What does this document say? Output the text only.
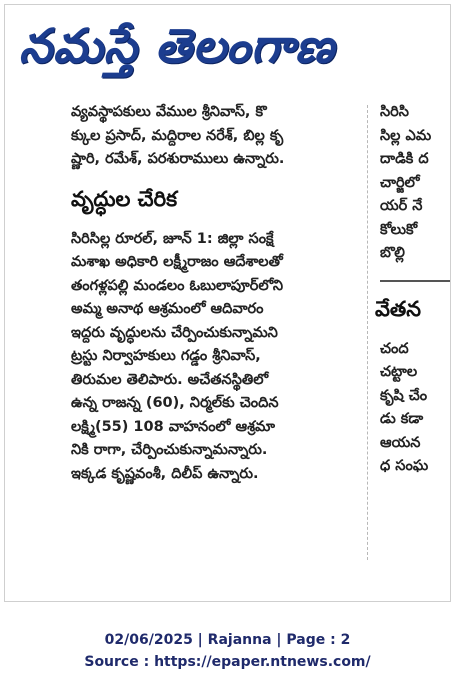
నమస్తే తెలంగాణ
వ్యవస్థాపకులు వేముల శ్రీనివాస్, కొ
క్కుల ప్రసాద్, మద్దిరాల నరేశ్, బిల్ల కృ
ష్ణారి, రమేశ్, పరశురాములు ఉన్నారు.
వృద్ధుల చేరిక
సిరిసిల్ల రూరల్, జూన్ 1: జిల్లా సంక్షే
మశాఖ అధికారి లక్ష్మీరాజం ఆదేశాలతో
తంగళ్లపల్లి మండలం ఓబులాపూర్‌లోని
అమ్మ అనాథ ఆశ్రమంలో ఆదివారం
ఇద్దరు వృద్ధులను చేర్పించుకున్నామని
ట్రస్టు నిర్వాహకులు గడ్డం శ్రీనివాస్,
తిరుమల తెలిపారు. అచేతనస్థితిలో
ఉన్న రాజన్న (60), నిర్మల్‌కు చెందిన
లక్ష్మి(55) 108 వాహనంలో ఆశ్రమా
నికి రాగా, చేర్పించుకున్నామన్నారు.
ఇక్కడ కృష్ణవంశీ, దిలీప్ ఉన్నారు.
సిరిసి
సిల్ల ఎమ
దాడికి ద
చార్జిలో
యర్ నే
కోలుకో
బొల్లి
వేతన
చంద
చట్టాల
కృషి చేం
డు కడా
ఆయన
ధ సంఘ
02/06/2025 | Rajanna | Page : 2
Source : https://epaper.ntnews.com/
